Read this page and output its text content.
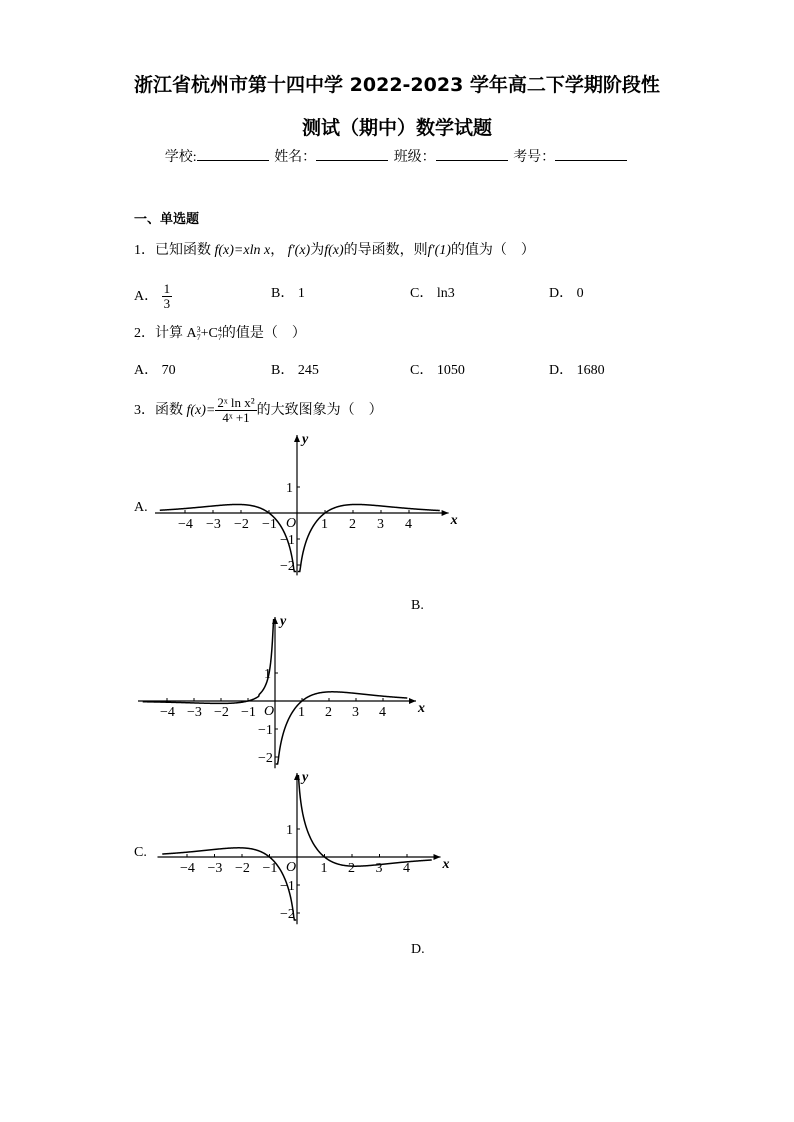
浙江省杭州市第十四中学 2022-2023 学年高二下学期阶段性
测试（期中）数学试题
学校:	姓名：	班级：	考号：
一、单选题
1．已知函数 f(x)=xln x， f′(x)为f(x)的导函数，则f′(1)的值为（　）
A． $\frac{1}{3}$	B． 1	C． ln3	D． 0
2．计算 A 3
7 +C 4
7 的值是（　）
A． 70	B． 245	C． 1050	D． 1680
3．函数 $f(x)= \frac{\text{2ˣ ln x²}}{\text{4ˣ +1}}$ 的大致图象为（　）
A.
B.
C.
D.
y
x
O
−4 −3 −2 −1	1 2 3 4
1
−1
−2
y
x
O
−4 −3 −2 −1	1 2 3 4
1
−1
−2
y
x
O
−4 −3 −2 −1	1 2 3 4
1
−1
−2
